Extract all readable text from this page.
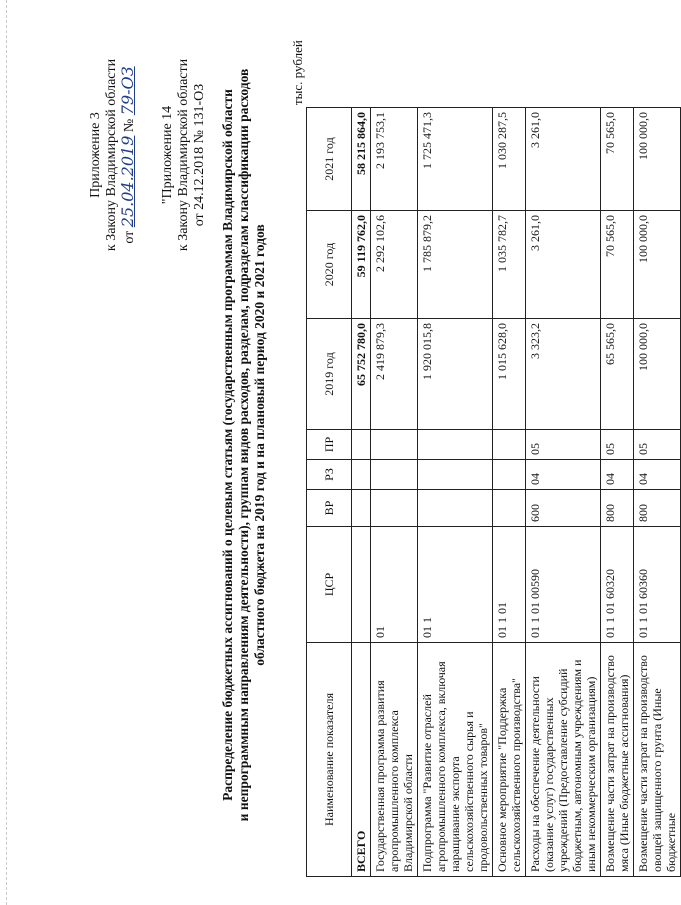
Приложение 3 к Закону Владимирской области от 25.04.2019 № 79-ОЗ
"Приложение 14 к Закону Владимирской области от 24.12.2018 № 131-ОЗ Распределение бюджетных ассигнований о целевым статьям (государственным программам Владимирской области и непрограммным направлениям деятельности), группам видов расходов, разделам, подразделам классификации расходов областного бюджета на 2019 год и на плановый период 2020 и 2021 годов
тыс. рублей
Наименование показателя	ЦСР	ВР	РЗ	ПР	2019 год	2020 год	2021 год
ВСЕГО					65 752 780,0	59 119 762,0	58 215 864,0
Государственная программа развития агропромышленного комплекса Владимирской области	01				2 419 879,3	2 292 102,6	2 193 753,1
Подпрограмма "Развитие отраслей агропромышленного комплекса, включая наращивание экспорта сельскохозяйственного сырья и продовольственных товаров"	01 1				1 920 015,8	1 785 879,2	1 725 471,3
Основное мероприятие "Поддержка сельскохозяйственного производства"	01 1 01				1 015 628,0	1 035 782,7	1 030 287,5
Расходы на обеспечение деятельности (оказание услуг) государственных учреждений (Предоставление субсидий бюджетным, автономным учреждениям и иным некоммерческим организациям)	01 1 01 00590	600	04	05	3 323,2	3 261,0	3 261,0
Возмещение части затрат на производство мяса (Иные бюджетные ассигнования)	01 1 01 60320	800	04	05	65 565,0	70 565,0	70 565,0
Возмещение части затрат на производство овощей защищенного грунта (Иные бюджетные	01 1 01 60360	800	04	05	100 000,0	100 000,0	100 000,0
